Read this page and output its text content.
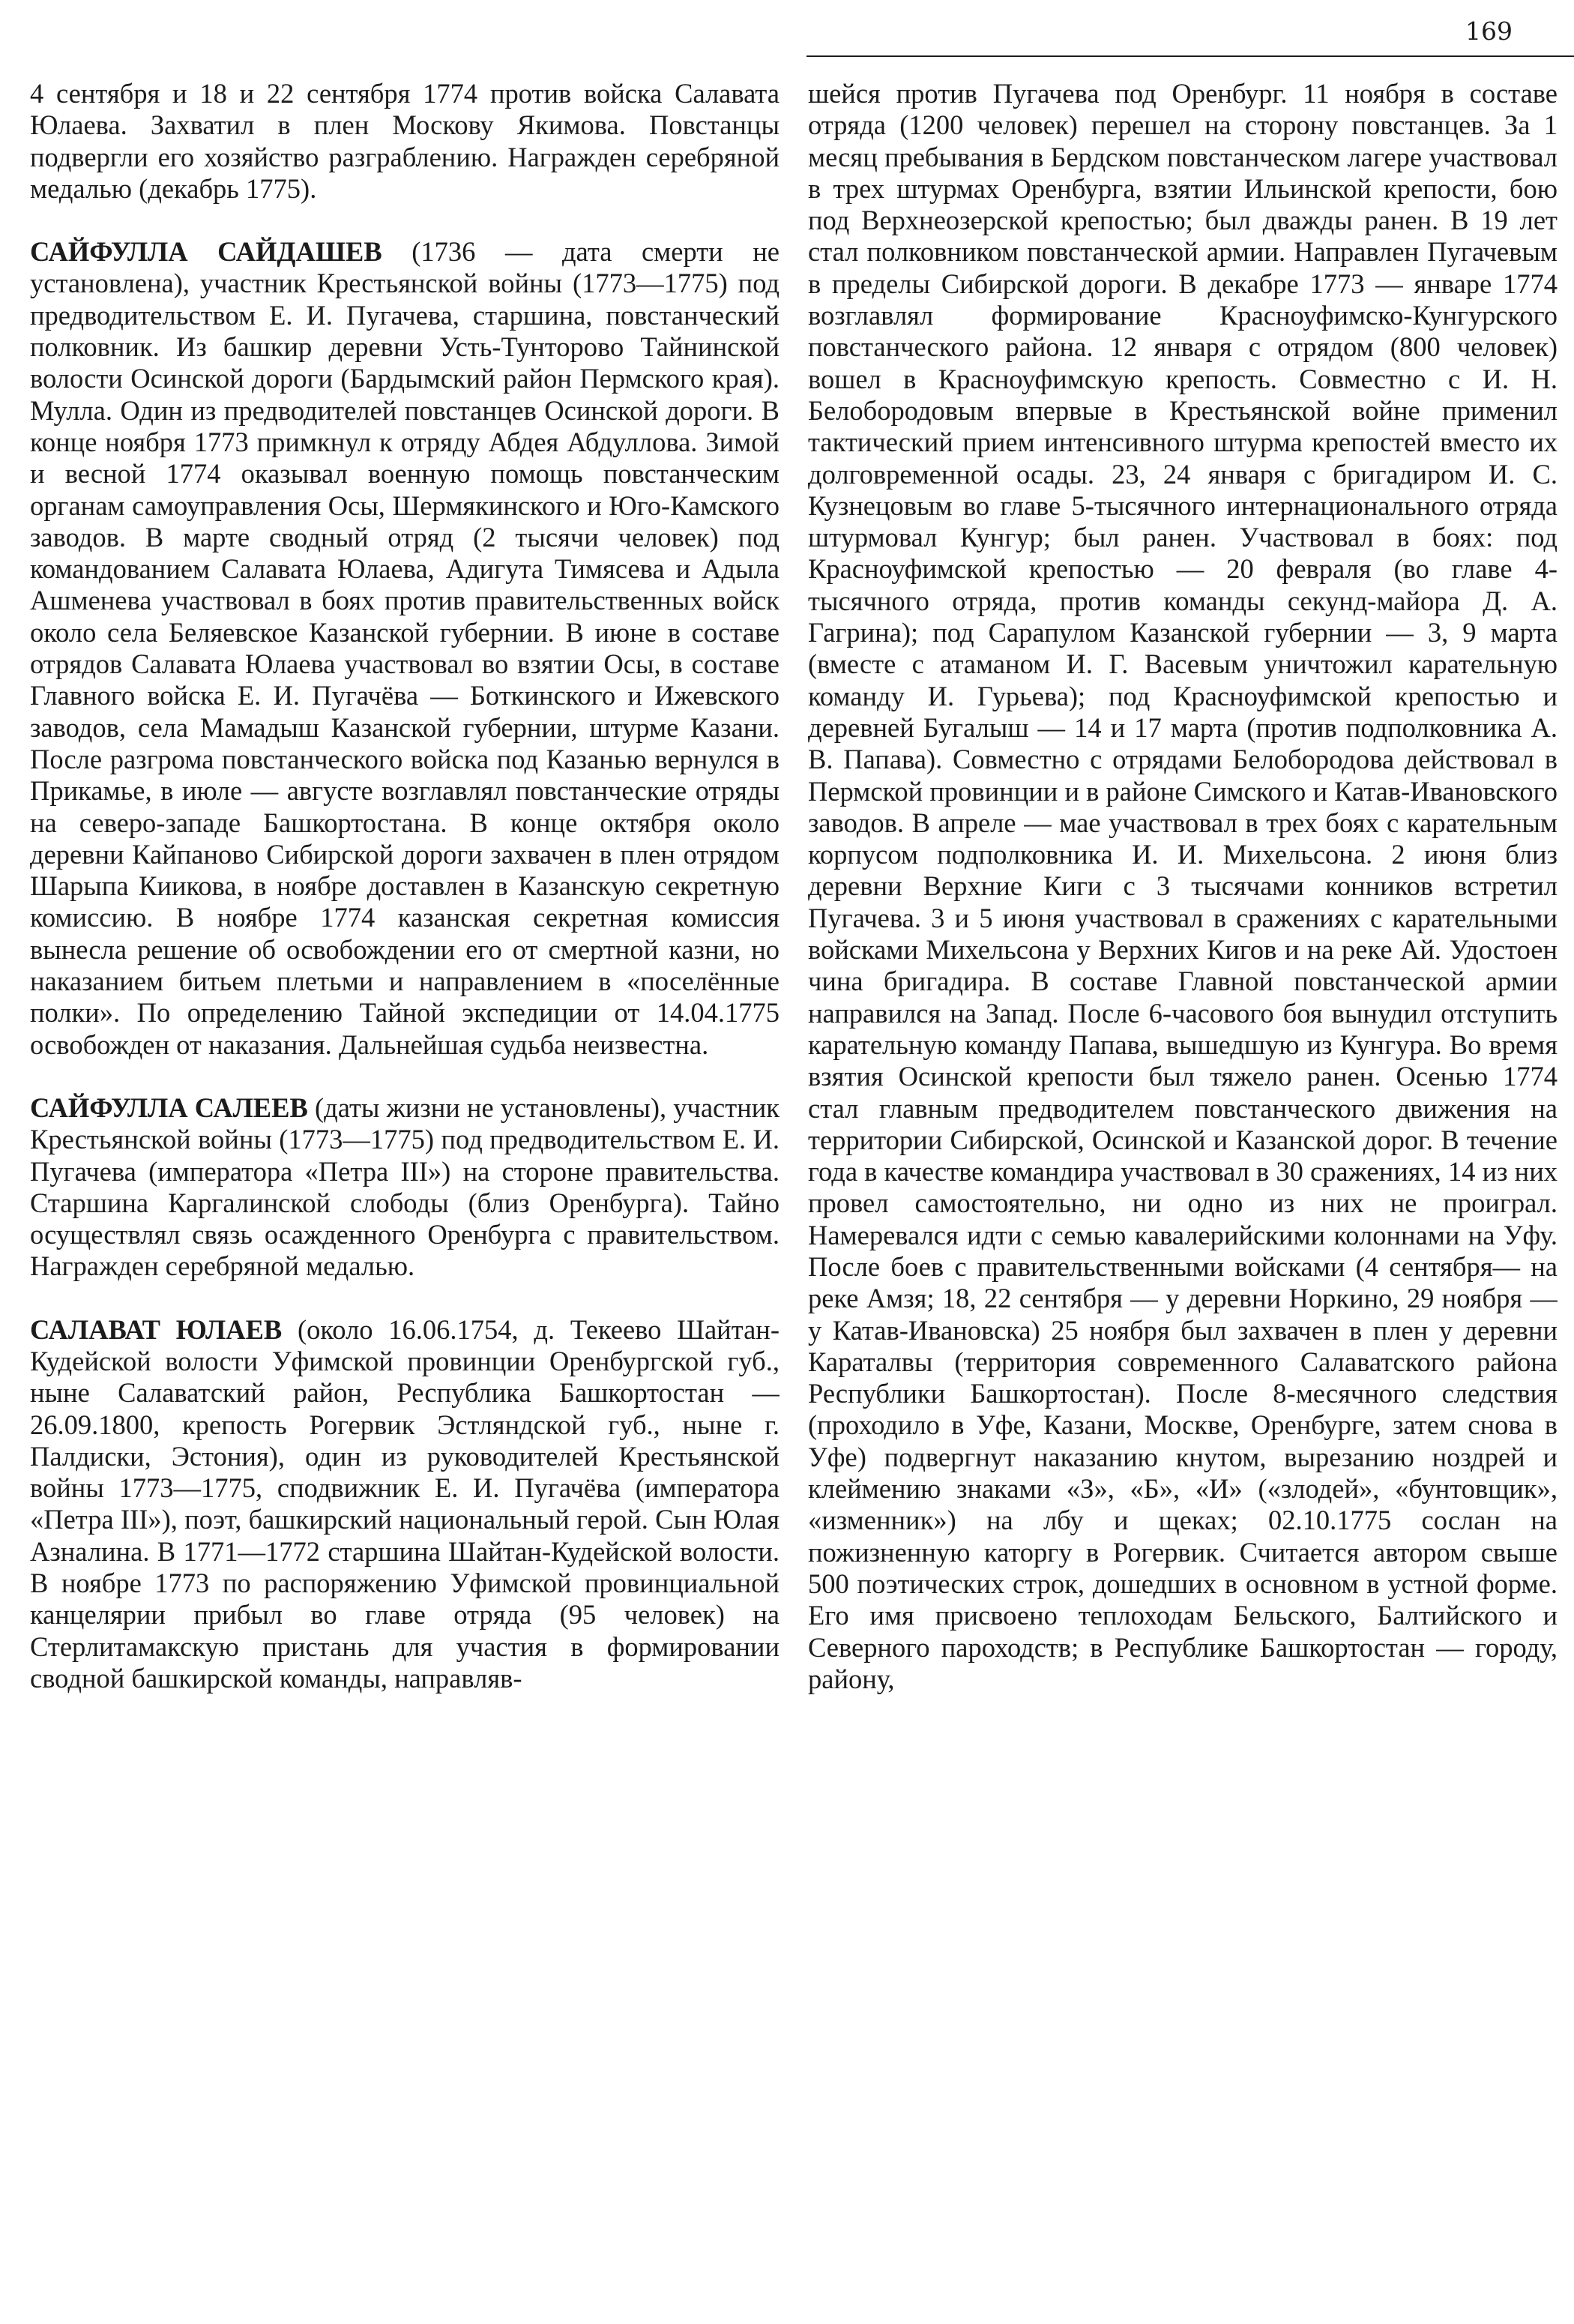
169

4 сентября и 18 и 22 сентября 1774 против войска Салавата Юлаева. Захватил в плен Москову Якимова. Повстанцы подвергли его хозяйство разграблению. Награжден серебряной медалью (декабрь 1775).

САЙФУЛЛА САЙДАШЕВ (1736 — дата смерти не установлена), участник Крестьянской войны (1773—1775) под предводительством Е. И. Пугачева, старшина, повстанческий полковник. Из башкир деревни Усть-Тунторово Тайнинской волости Осинской дороги (Бардымский район Пермского края). Мулла. Один из предводителей повстанцев Осинской дороги. В конце ноября 1773 примкнул к отряду Абдея Абдуллова. Зимой и весной 1774 оказывал военную помощь повстанческим органам самоуправления Осы, Шермякинского и Юго-Камского заводов. В марте сводный отряд (2 тысячи человек) под командованием Салавата Юлаева, Адигута Тимясева и Адыла Ашменева участвовал в боях против правительственных войск около села Беляевское Казанской губернии. В июне в составе отрядов Салавата Юлаева участвовал во взятии Осы, в составе Главного войска Е. И. Пугачёва — Боткинского и Ижевского заводов, села Мамадыш Казанской губернии, штурме Казани. После разгрома повстанческого войска под Казанью вернулся в Прикамье, в июле — августе возглавлял повстанческие отряды на северо-западе Башкортостана. В конце октября около деревни Кайпаново Сибирской дороги захвачен в плен отрядом Шарыпа Киикова, в ноябре доставлен в Казанскую секретную комиссию. В ноябре 1774 казанская секретная комиссия вынесла решение об освобождении его от смертной казни, но наказанием битьем плетьми и направлением в «поселённые полки». По определению Тайной экспедиции от 14.04.1775 освобожден от наказания. Дальнейшая судьба неизвестна.

САЙФУЛЛА САЛЕЕВ (даты жизни не установлены), участник Крестьянской войны (1773—1775) под предводительством Е. И. Пугачева (императора «Петра III») на стороне правительства. Старшина Каргалинской слободы (близ Оренбурга). Тайно осуществлял связь осажденного Оренбурга с правительством. Награжден серебряной медалью.

САЛАВАТ ЮЛАЕВ (около 16.06.1754, д. Текеево Шайтан-Кудейской волости Уфимской провинции Оренбургской губ., ныне Салаватский район, Республика Башкортостан — 26.09.1800, крепость Рогервик Эстляндской губ., ныне г. Палдиски, Эстония), один из руководителей Крестьянской войны 1773—1775, сподвижник Е. И. Пугачёва (императора «Петра III»), поэт, башкирский национальный герой. Сын Юлая Азналина. В 1771—1772 старшина Шайтан-Кудейской волости. В ноябре 1773 по распоряжению Уфимской провинциальной канцелярии прибыл во главе отряда (95 человек) на Стерлитамакскую пристань для участия в формировании сводной башкирской команды, направляв-

шейся против Пугачева под Оренбург. 11 ноября в составе отряда (1200 человек) перешел на сторону повстанцев. За 1 месяц пребывания в Бердском повстанческом лагере участвовал в трех штурмах Оренбурга, взятии Ильинской крепости, бою под Верхнеозерской крепостью; был дважды ранен. В 19 лет стал полковником повстанческой армии. Направлен Пугачевым в пределы Сибирской дороги. В декабре 1773 — январе 1774 возглавлял формирование Красноуфимско-Кунгурского повстанческого района. 12 января с отрядом (800 человек) вошел в Красноуфимскую крепость. Совместно с И. Н. Белобородовым впервые в Крестьянской войне применил тактический прием интенсивного штурма крепостей вместо их долговременной осады. 23, 24 января с бригадиром И. С. Кузнецовым во главе 5-тысячного интернационального отряда штурмовал Кунгур; был ранен. Участвовал в боях: под Красноуфимской крепостью — 20 февраля (во главе 4-тысячного отряда, против команды секунд-майора Д. А. Гагрина); под Сарапулом Казанской губернии — 3, 9 марта (вместе с атаманом И. Г. Васевым уничтожил карательную команду И. Гурьева); под Красноуфимской крепостью и деревней Бугалыш — 14 и 17 марта (против подполковника А. В. Папава). Совместно с отрядами Белобородова действовал в Пермской провинции и в районе Симского и Катав-Ивановского заводов. В апреле — мае участвовал в трех боях с карательным корпусом подполковника И. И. Михельсона. 2 июня близ деревни Верхние Киги с 3 тысячами конников встретил Пугачева. 3 и 5 июня участвовал в сражениях с карательными войсками Михельсона у Верхних Кигов и на реке Ай. Удостоен чина бригадира. В составе Главной повстанческой армии направился на Запад. После 6-часового боя вынудил отступить карательную команду Папава, вышедшую из Кунгура. Во время взятия Осинской крепости был тяжело ранен. Осенью 1774 стал главным предводителем повстанческого движения на территории Сибирской, Осинской и Казанской дорог. В течение года в качестве командира участвовал в 30 сражениях, 14 из них провел самостоятельно, ни одно из них не проиграл. Намеревался идти с семью кавалерийскими колоннами на Уфу. После боев с правительственными войсками (4 сентября— на реке Амзя; 18, 22 сентября — у деревни Норкино, 29 ноября — у Катав-Ивановска) 25 ноября был захвачен в плен у деревни Караталвы (территория современного Салаватского района Республики Башкортостан). После 8-месячного следствия (проходило в Уфе, Казани, Москве, Оренбурге, затем снова в Уфе) подвергнут наказанию кнутом, вырезанию ноздрей и клеймению знаками «З», «Б», «И» («злодей», «бунтовщик», «изменник») на лбу и щеках; 02.10.1775 сослан на пожизненную каторгу в Рогервик. Считается автором свыше 500 поэтических строк, дошедших в основном в устной форме. Его имя присвоено теплоходам Бельского, Балтийского и Северного пароходств; в Республике Башкортостан — городу, району,
